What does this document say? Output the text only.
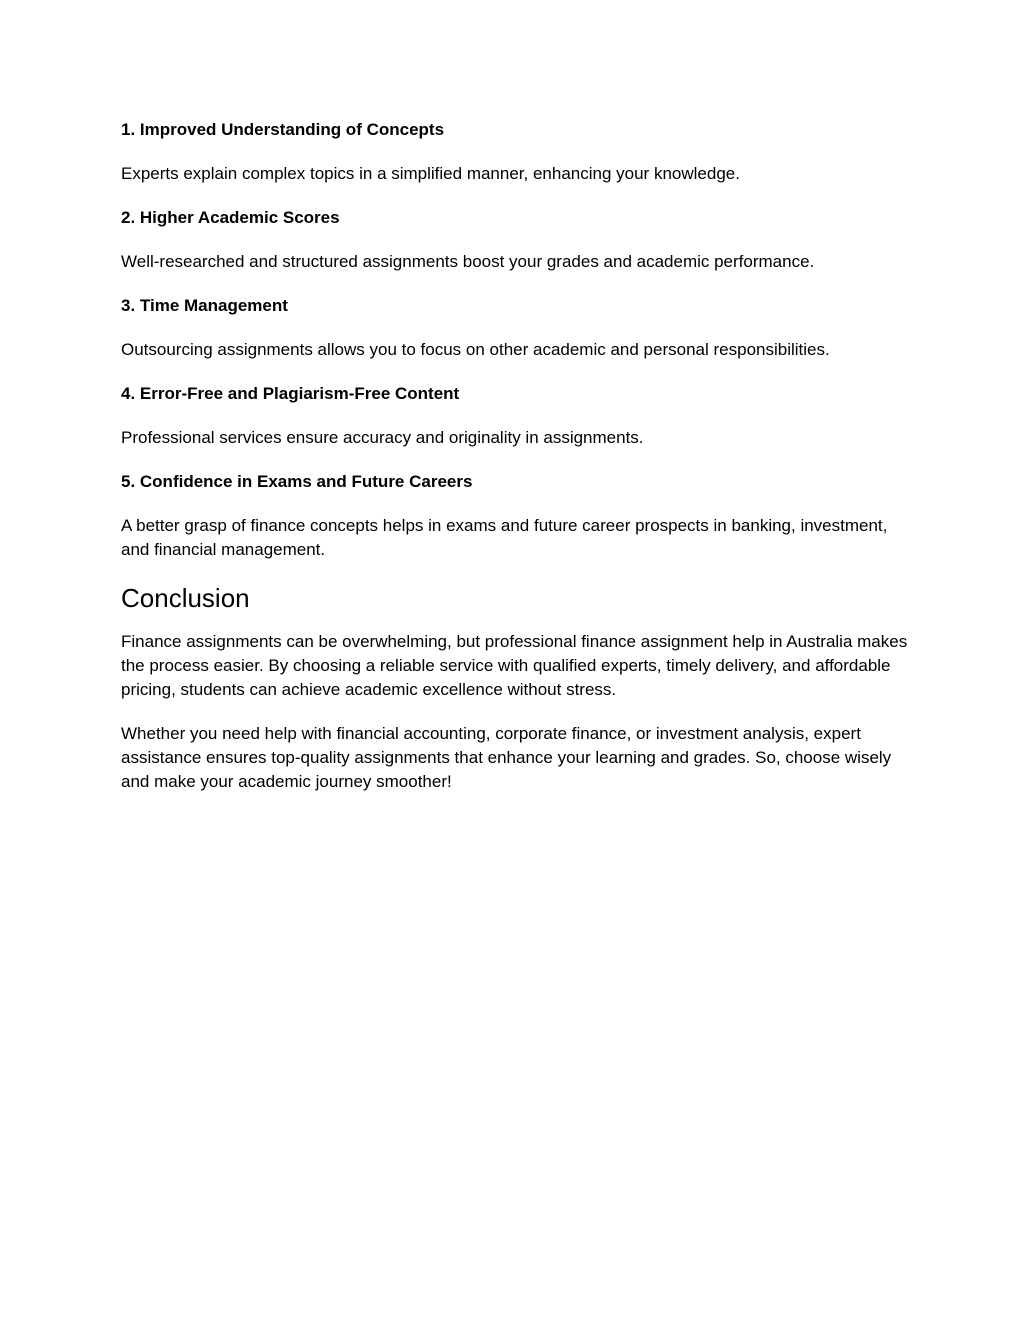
1. Improved Understanding of Concepts

Experts explain complex topics in a simplified manner, enhancing your knowledge.

2. Higher Academic Scores

Well-researched and structured assignments boost your grades and academic performance.

3. Time Management

Outsourcing assignments allows you to focus on other academic and personal responsibilities.

4. Error-Free and Plagiarism-Free Content

Professional services ensure accuracy and originality in assignments.

5. Confidence in Exams and Future Careers

A better grasp of finance concepts helps in exams and future career prospects in banking, investment, and financial management.

Conclusion

Finance assignments can be overwhelming, but professional finance assignment help in Australia makes the process easier. By choosing a reliable service with qualified experts, timely delivery, and affordable pricing, students can achieve academic excellence without stress.

Whether you need help with financial accounting, corporate finance, or investment analysis, expert assistance ensures top-quality assignments that enhance your learning and grades. So, choose wisely and make your academic journey smoother!
